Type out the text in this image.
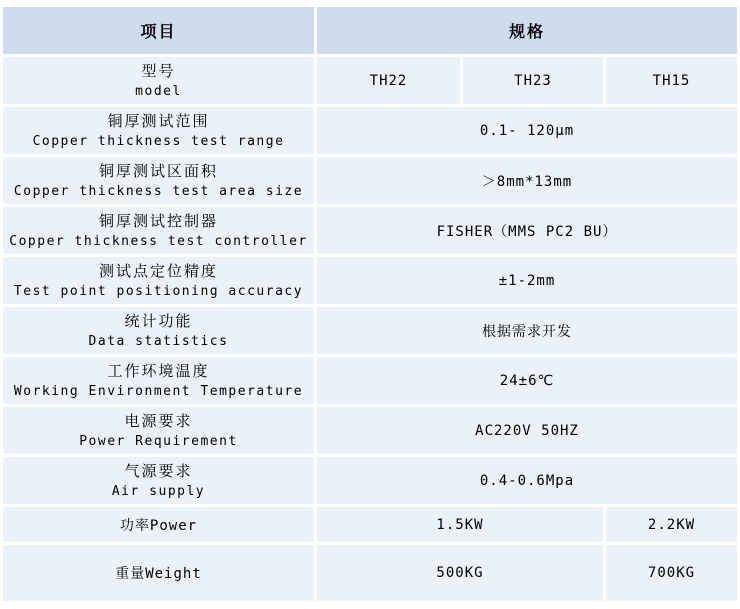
项目	规格		

型号
model	TH22	TH23	TH15

铜厚测试范围
Copper thickness test range	0.1- 120μm		

铜厚测试区面积
Copper thickness test area size	＞8mm*13mm		

铜厚测试控制器
Copper thickness test controller	FISHER（MMS PC2 BU）		

测试点定位精度
Test point positioning accuracy	±1-2mm		

统计功能
Data statistics	根据需求开发		

工作环境温度
Working Environment Temperature	24±6℃		

电源要求
Power Requirement	AC220V 50HZ		

气源要求
Air supply	0.4-0.6Mpa		
功率Power	1.5KW		2.2KW
重量Weight	500KG		700KG
